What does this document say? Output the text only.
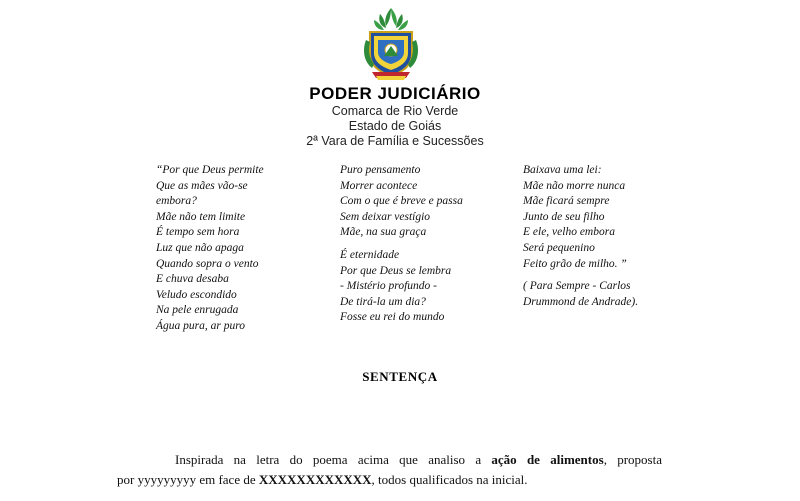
PODER JUDICIÁRIO
Comarca de Rio Verde
Estado de Goiás
2ª Vara de Família e Sucessões
“Por que Deus permite
Que as mães vão-se
embora?
Mãe não tem limite
É tempo sem hora
Luz que não apaga
Quando sopra o vento
E chuva desaba
Veludo escondido
Na pele enrugada
Água pura, ar puro
Puro pensamento
Morrer acontece
Com o que é breve e passa
Sem deixar vestígio
Mãe, na sua graça
É eternidade
Por que Deus se lembra
- Mistério profundo -
De tirá-la um dia?
Fosse eu rei do mundo
Baixava uma lei:
Mãe não morre nunca
Mãe ficará sempre
Junto de seu filho
E ele, velho embora
Será pequenino
Feito grão de milho. ”
( Para Sempre - Carlos
Drummond de Andrade).
SENTENÇA
Inspirada na letra do poema acima que analiso a ação de alimentos, proposta
por yyyyyyyyy em face de XXXXXXXXXXXX, todos qualificados na inicial.
